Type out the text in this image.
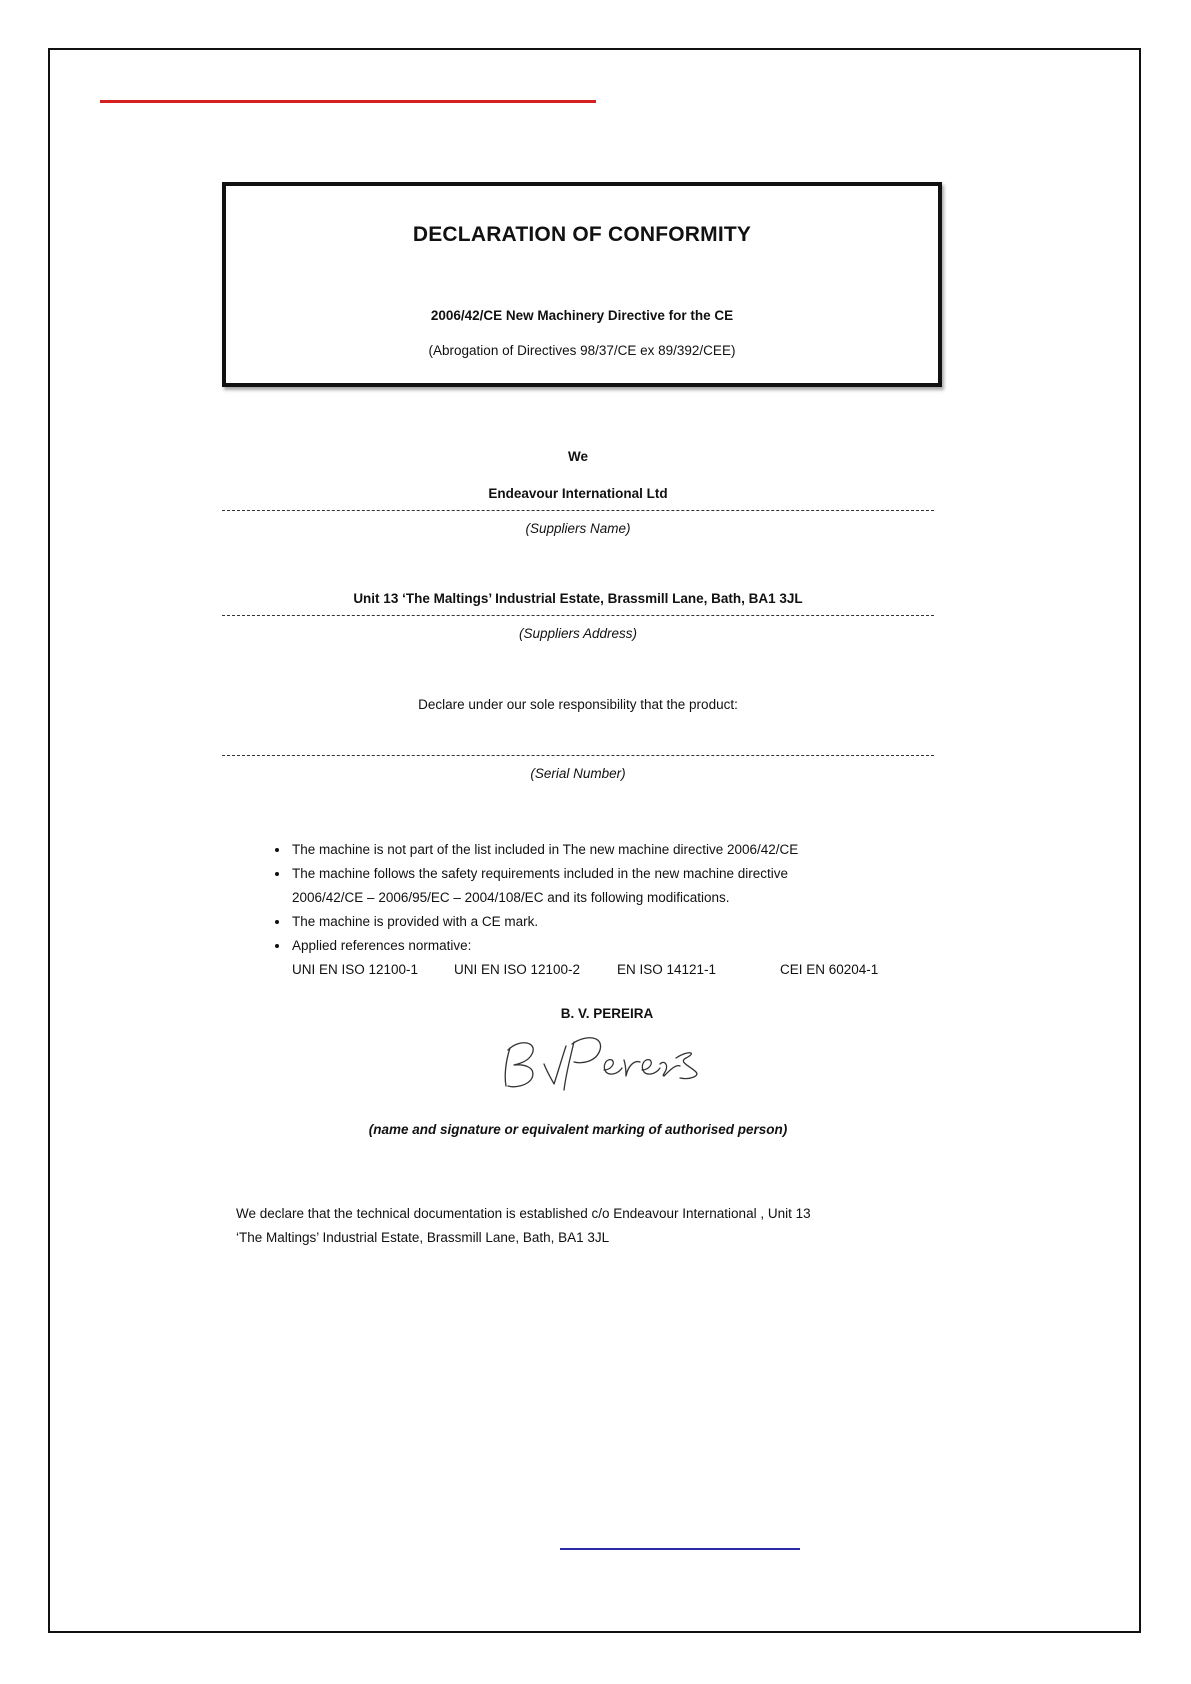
DECLARATION OF CONFORMITY
2006/42/CE New Machinery Directive for the CE
(Abrogation of Directives 98/37/CE ex 89/392/CEE)
We
Endeavour International Ltd
(Suppliers Name)
Unit 13 ‘The Maltings’ Industrial Estate, Brassmill Lane, Bath, BA1 3JL
(Suppliers Address)
Declare under our sole responsibility that the product:
(Serial Number)
• The machine is not part of the list included in The new machine directive 2006/42/CE
• The machine follows the safety requirements included in the new machine directive
2006/42/CE – 2006/95/EC – 2004/108/EC and its following modifications.
• The machine is provided with a CE mark.
• Applied references normative:
UNI EN ISO 12100-1	UNI EN ISO 12100-2	EN ISO 14121-1	CEI EN 60204-1
B. V. PEREIRA
(name and signature or equivalent marking of authorised person)
We declare that the technical documentation is established c/o Endeavour International , Unit 13
‘The Maltings’ Industrial Estate, Brassmill Lane, Bath, BA1 3JL
